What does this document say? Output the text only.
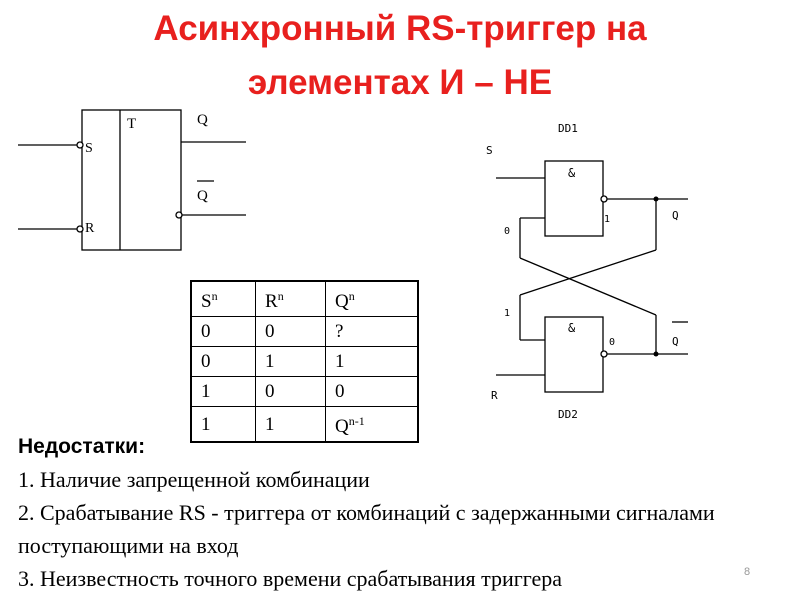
Асинхронный RS-триггер на
элементах И – НЕ
T
S
R
Q
Q
DD1
&
&
DD2
S
R
Q
Q
0
1
1
0
$S^n$	$R^n$	$Q^n$
0	0	?
0	1	1
1	0	0
1	1	$Q^{n-1}$
Недостатки:
1. Наличие запрещенной комбинации
2. Срабатывание RS - триггера от комбинаций с задержанными сигналами поступающими на вход
3. Неизвестность точного времени срабатывания триггера	8
